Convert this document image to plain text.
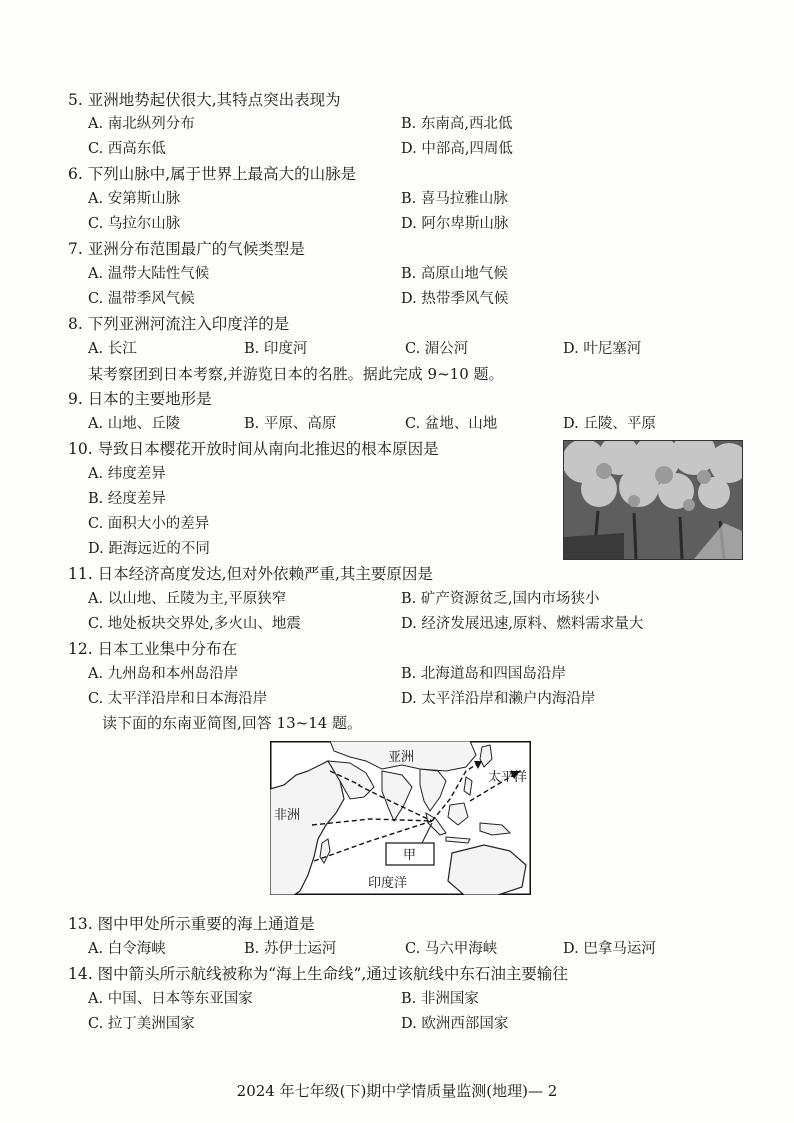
5. 亚洲地势起伏很大,其特点突出表现为
A. 南北纵列分布	B. 东南高,西北低
C. 西高东低	D. 中部高,四周低
6. 下列山脉中,属于世界上最高大的山脉是
A. 安第斯山脉	B. 喜马拉雅山脉
C. 乌拉尔山脉	D. 阿尔卑斯山脉
7. 亚洲分布范围最广的气候类型是
A. 温带大陆性气候	B. 高原山地气候
C. 温带季风气候	D. 热带季风气候
8. 下列亚洲河流注入印度洋的是
A. 长江	B. 印度河	C. 湄公河	D. 叶尼塞河
某考察团到日本考察,并游览日本的名胜。据此完成 9~10 题。
9. 日本的主要地形是
A. 山地、丘陵	B. 平原、高原	C. 盆地、山地	D. 丘陵、平原
10. 导致日本樱花开放时间从南向北推迟的根本原因是
A. 纬度差异
B. 经度差异
C. 面积大小的差异
D. 距海远近的不同
11. 日本经济高度发达,但对外依赖严重,其主要原因是
A. 以山地、丘陵为主,平原狭窄	B. 矿产资源贫乏,国内市场狭小
C. 地处板块交界处,多火山、地震	D. 经济发展迅速,原料、燃料需求量大
12. 日本工业集中分布在
A. 九州岛和本州岛沿岸	B. 北海道岛和四国岛沿岸
C. 太平洋沿岸和日本海沿岸	D. 太平洋沿岸和濑户内海沿岸
读下面的东南亚简图,回答 13~14 题。
亚洲
太平洋
非洲
甲
印度洋
13. 图中甲处所示重要的海上通道是
A. 白令海峡	B. 苏伊士运河	C. 马六甲海峡	D. 巴拿马运河
14. 图中箭头所示航线被称为“海上生命线”,通过该航线中东石油主要输往
A. 中国、日本等东亚国家	B. 非洲国家
C. 拉丁美洲国家	D. 欧洲西部国家
2024 年七年级(下)期中学情质量监测(地理)— 2
